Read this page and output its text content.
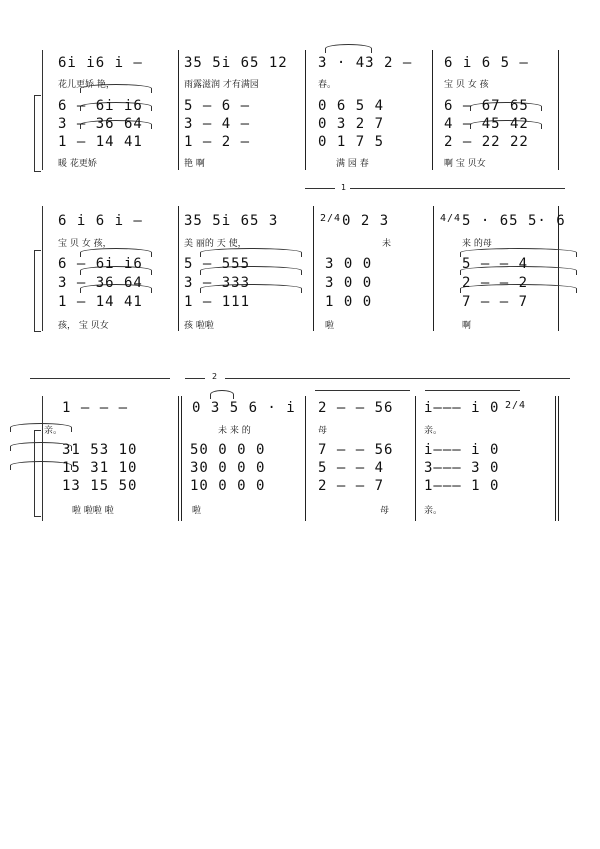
6i i6 i –
花儿更娇 艳，
6 – 6i i6
3 – 36 64
1 – 14 41
暖 花更娇
35 5i 65 12
雨露滋润 才有满园
5 – 6 –
3 – 4 –
1 – 2 –
艳 啊
3 · 43 2 –
春。
0 6 5 4
0 3 2 7
0 1 7 5
满 园 春
6 i 6 5 –
宝 贝 女 孩
6 – 67 65
4 – 45 42
2 – 22 22
啊 宝 贝女
1
6 i 6 i –
宝 贝 女 孩，
6 – 6i i6
3 – 36 64
1 – 14 41
孩， 宝 贝女
35 5i 65 3
美 丽的 天 使，
5 – 555
3 – 333
1 – 111
孩 啦啦
2/4 0 2 3
未
3 0 0
3 0 0
1 0 0
啦
4/4 5 · 65 5· 6
来 的母
5 – – 4
2 – – 2
7 – – 7
啊
2
1 — — —
亲。
31 53 10
15 31 10
13 15 50
啦 啦啦 啦
0 3 5 6 · i
未 来 的
50 0 0 0
30 0 0 0
10 0 0 0
啦
2 — — 56
母
7 — — 56
5 — — 4
2 — — 7
母
i——— i 0 2/4
亲。
i——— i 0
3——— 3 0
1——— 1 0
亲。
